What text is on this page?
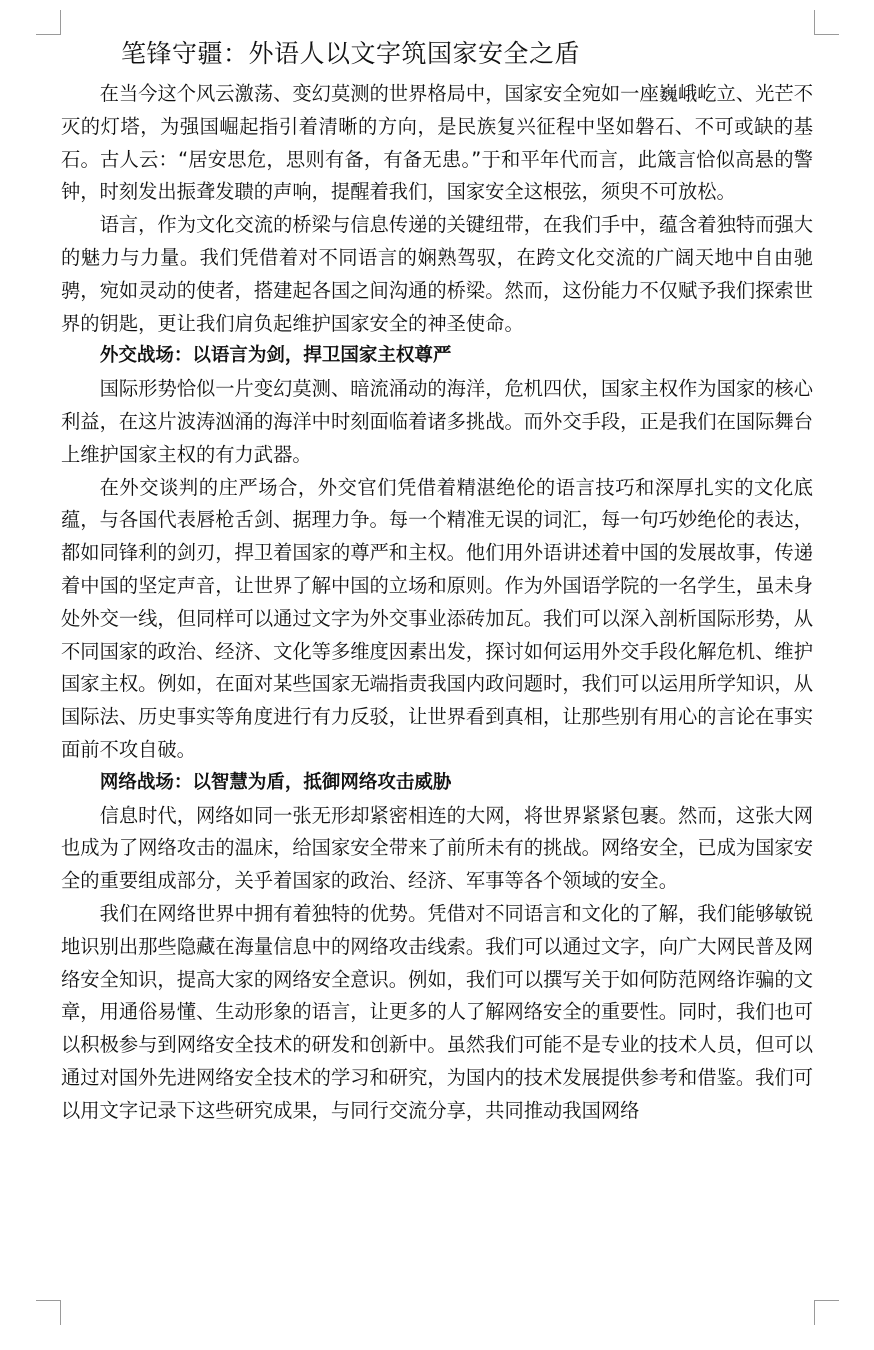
笔锋守疆：外语人以文字筑国家安全之盾

在当今这个风云激荡、变幻莫测的世界格局中，国家安全宛如一座巍峨屹立、光芒不灭的灯塔，为强国崛起指引着清晰的方向，是民族复兴征程中坚如磐石、不可或缺的基石。古人云：“居安思危，思则有备，有备无患。”于和平年代而言，此箴言恰似高悬的警钟，时刻发出振聋发聩的声响，提醒着我们，国家安全这根弦，须臾不可放松。

语言，作为文化交流的桥梁与信息传递的关键纽带，在我们手中，蕴含着独特而强大的魅力与力量。我们凭借着对不同语言的娴熟驾驭，在跨文化交流的广阔天地中自由驰骋，宛如灵动的使者，搭建起各国之间沟通的桥梁。然而，这份能力不仅赋予我们探索世界的钥匙，更让我们肩负起维护国家安全的神圣使命。

外交战场：以语言为剑，捍卫国家主权尊严

国际形势恰似一片变幻莫测、暗流涌动的海洋，危机四伏，国家主权作为国家的核心利益，在这片波涛汹涌的海洋中时刻面临着诸多挑战。而外交手段，正是我们在国际舞台上维护国家主权的有力武器。

在外交谈判的庄严场合，外交官们凭借着精湛绝伦的语言技巧和深厚扎实的文化底蕴，与各国代表唇枪舌剑、据理力争。每一个精准无误的词汇，每一句巧妙绝伦的表达，都如同锋利的剑刃，捍卫着国家的尊严和主权。他们用外语讲述着中国的发展故事，传递着中国的坚定声音，让世界了解中国的立场和原则。作为外国语学院的一名学生，虽未身处外交一线，但同样可以通过文字为外交事业添砖加瓦。我们可以深入剖析国际形势，从不同国家的政治、经济、文化等多维度因素出发，探讨如何运用外交手段化解危机、维护国家主权。例如，在面对某些国家无端指责我国内政问题时，我们可以运用所学知识，从国际法、历史事实等角度进行有力反驳，让世界看到真相，让那些别有用心的言论在事实面前不攻自破。

网络战场：以智慧为盾，抵御网络攻击威胁

信息时代，网络如同一张无形却紧密相连的大网，将世界紧紧包裹。然而，这张大网也成为了网络攻击的温床，给国家安全带来了前所未有的挑战。网络安全，已成为国家安全的重要组成部分，关乎着国家的政治、经济、军事等各个领域的安全。

我们在网络世界中拥有着独特的优势。凭借对不同语言和文化的了解，我们能够敏锐地识别出那些隐藏在海量信息中的网络攻击线索。我们可以通过文字，向广大网民普及网络安全知识，提高大家的网络安全意识。例如，我们可以撰写关于如何防范网络诈骗的文章，用通俗易懂、生动形象的语言，让更多的人了解网络安全的重要性。同时，我们也可以积极参与到网络安全技术的研发和创新中。虽然我们可能不是专业的技术人员，但可以通过对国外先进网络安全技术的学习和研究，为国内的技术发展提供参考和借鉴。我们可以用文字记录下这些研究成果，与同行交流分享，共同推动我国网络
